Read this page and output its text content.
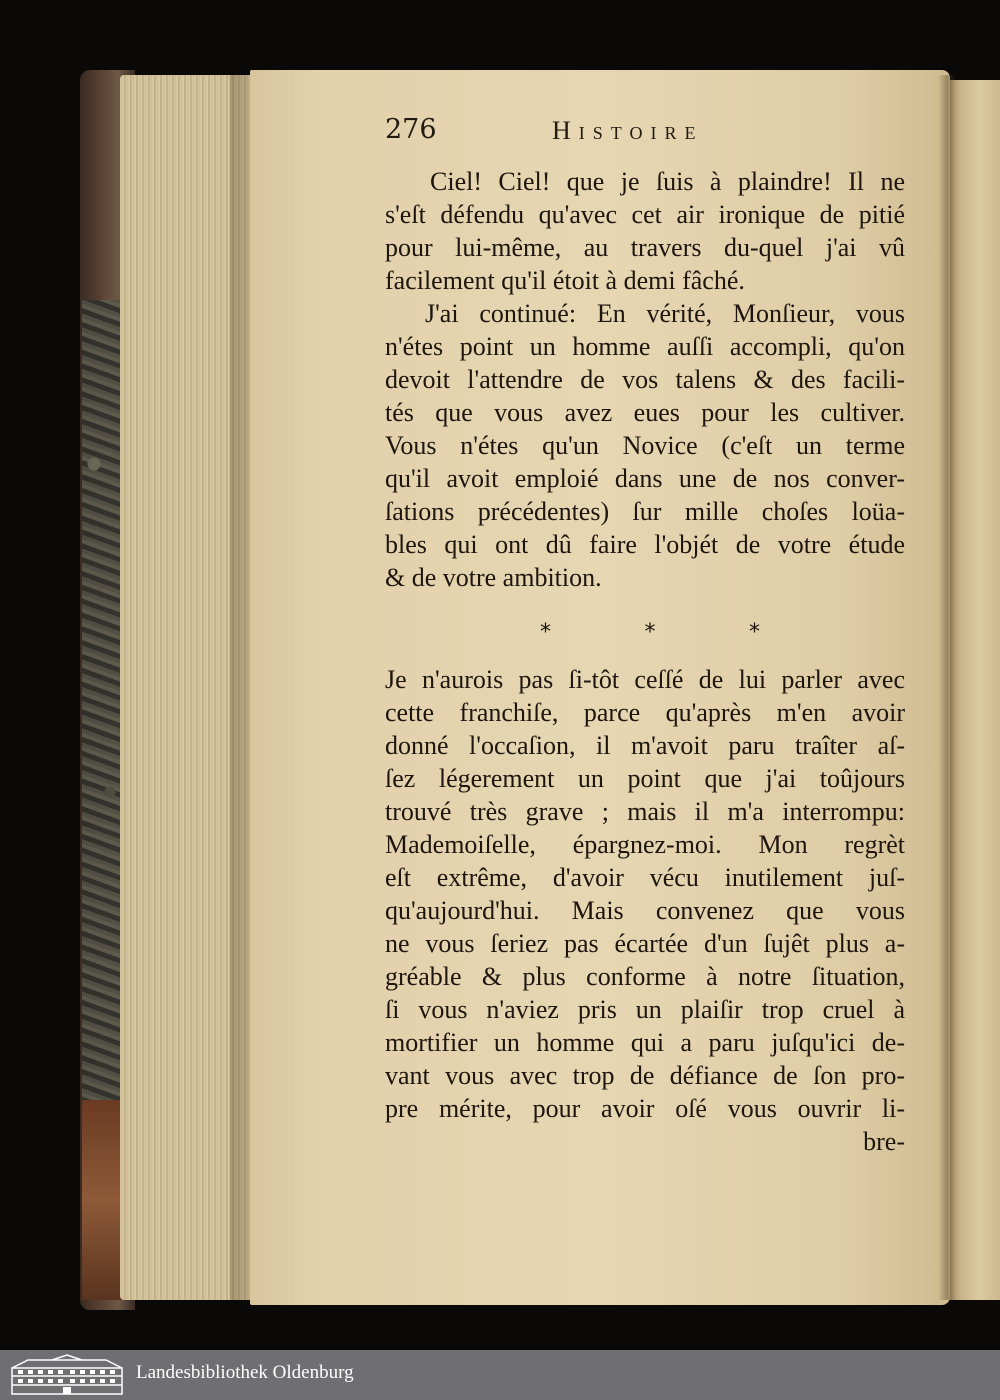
276	Histoire
Ciel! Ciel! que je ſuis à plaindre! Il ne
s'eſt défendu qu'avec cet air ironique de pitié
pour lui-même, au travers du-quel j'ai vû
facilement qu'il étoit à demi fâché.
J'ai continué: En vérité, Monſieur, vous
n'étes point un homme auſſi accompli, qu'on
devoit l'attendre de vos talens & des facili-
tés que vous avez eues pour les cultiver.
Vous n'étes qu'un Novice (c'eſt un terme
qu'il avoit emploié dans une de nos conver-
ſations précédentes) ſur mille choſes loüa-
bles qui ont dû faire l'objét de votre étude
& de votre ambition.
*	*	*
Je n'aurois pas ſi-tôt ceſſé de lui parler avec
cette franchiſe, parce qu'après m'en avoir
donné l'occaſion, il m'avoit paru traîter aſ-
ſez légerement un point que j'ai toûjours
trouvé très grave ; mais il m'a interrompu:
Mademoiſelle, épargnez-moi. Mon regrèt
eſt extrême, d'avoir vécu inutilement juſ-
qu'aujourd'hui. Mais convenez que vous
ne vous ſeriez pas écartée d'un ſujêt plus a-
gréable & plus conforme à notre ſituation,
ſi vous n'aviez pris un plaiſir trop cruel à
mortifier un homme qui a paru juſqu'ici de-
vant vous avec trop de défiance de ſon pro-
pre mérite, pour avoir oſé vous ouvrir li-
bre-
Landesbibliothek Oldenburg
